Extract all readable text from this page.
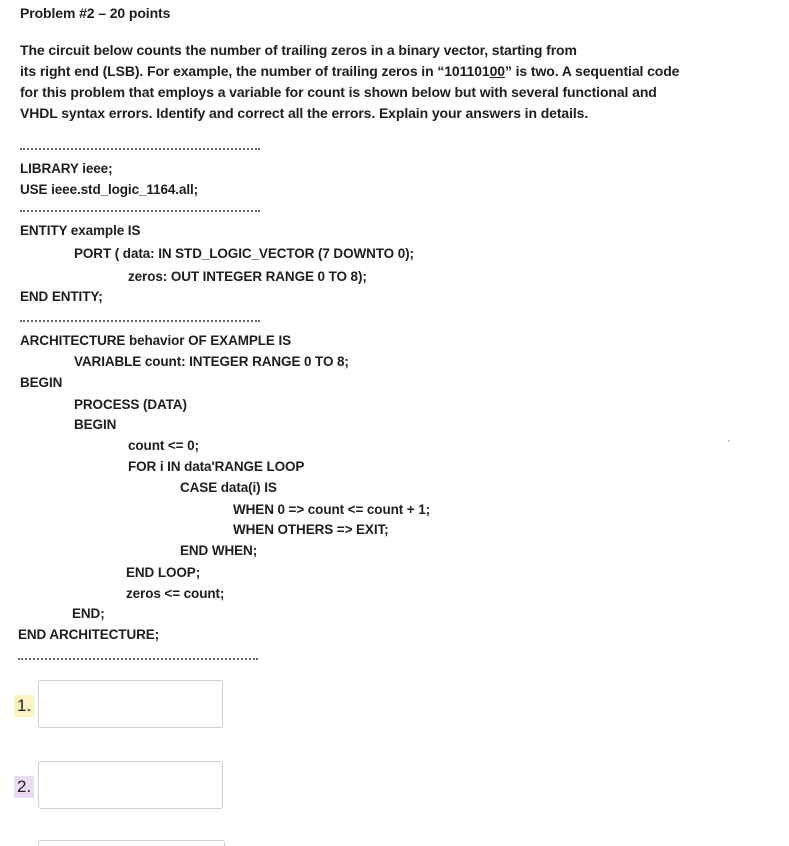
Problem #2 – 20 points
The circuit below counts the number of trailing zeros in a binary vector, starting from
its right end (LSB). For example, the number of trailing zeros in “10110100” is two. A sequential code
for this problem that employs a variable for count is shown below but with several functional and
VHDL syntax errors. Identify and correct all the errors. Explain your answers in details.
LIBRARY ieee;
USE ieee.std_logic_1164.all;
ENTITY example IS
PORT ( data: IN STD_LOGIC_VECTOR (7 DOWNTO 0);
zeros: OUT INTEGER RANGE 0 TO 8);
END ENTITY;
ARCHITECTURE behavior OF EXAMPLE IS
VARIABLE count: INTEGER RANGE 0 TO 8;
BEGIN
PROCESS (DATA)
BEGIN
count <= 0;
FOR i IN data'RANGE LOOP
CASE data(i) IS
WHEN 0 => count <= count + 1;
WHEN OTHERS => EXIT;
END WHEN;
END LOOP;
zeros <= count;
END;
END ARCHITECTURE;
1.
2.
